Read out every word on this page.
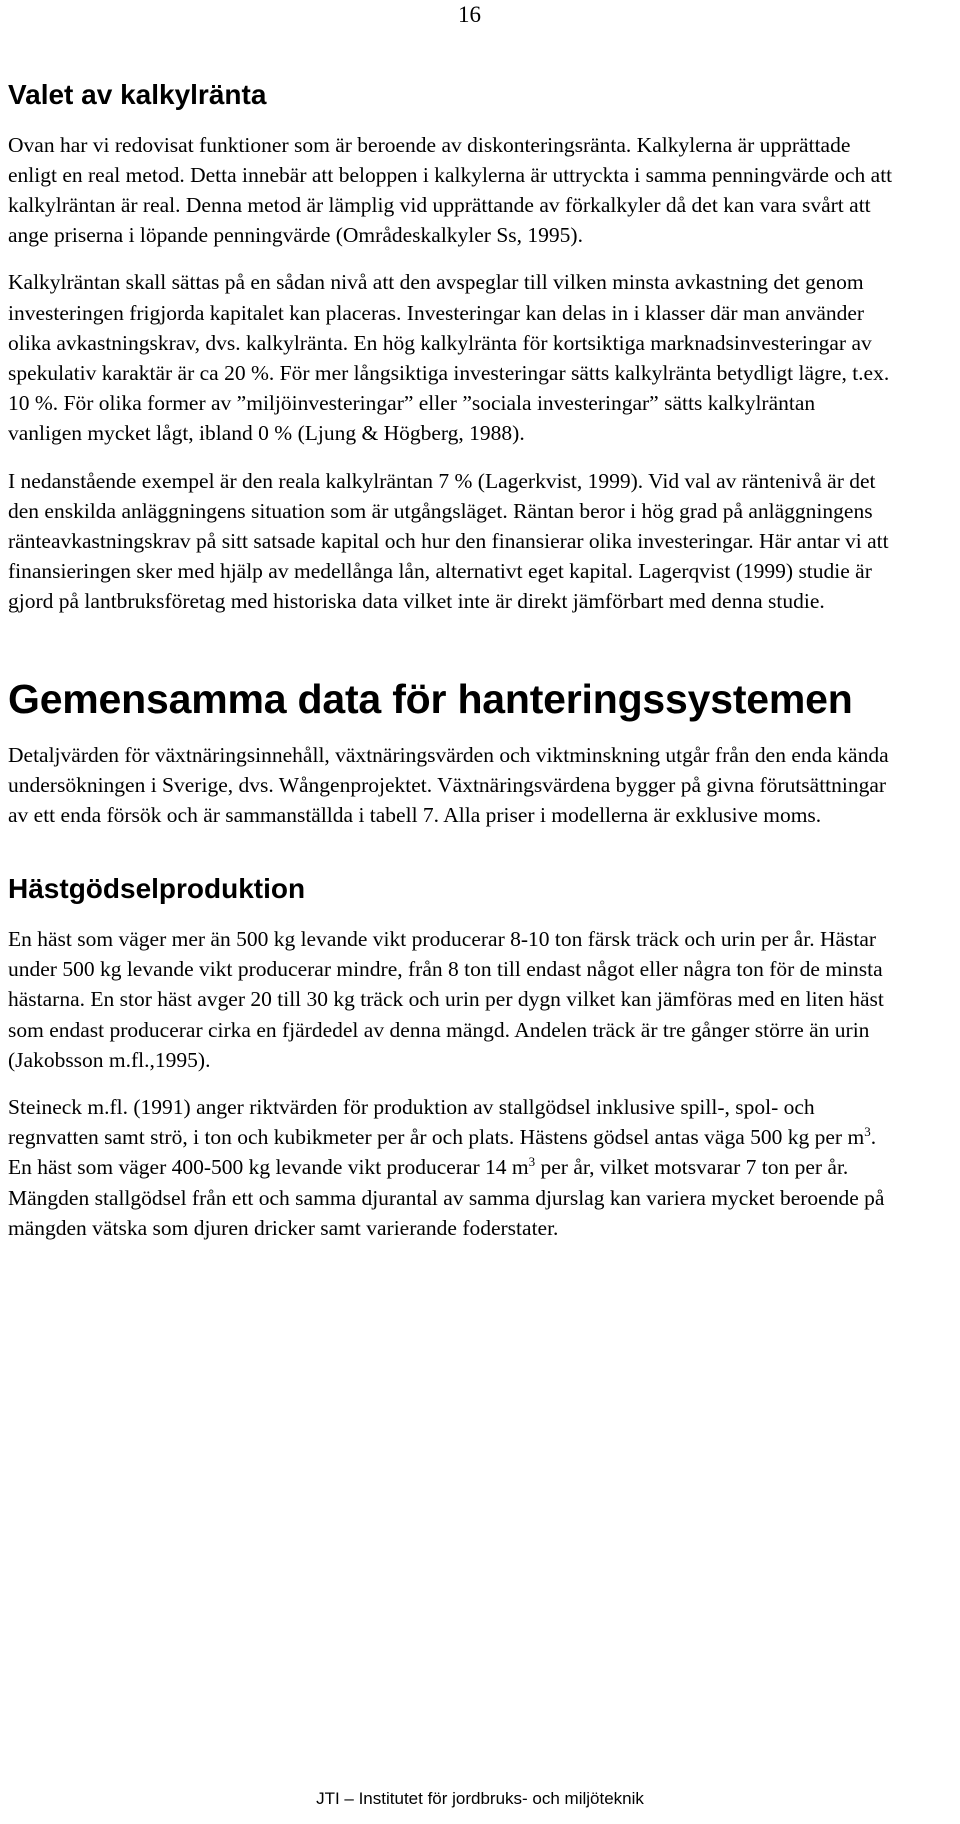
16
Valet av kalkylränta

Ovan har vi redovisat funktioner som är beroende av diskonteringsränta. Kalkylerna är upprättade enligt en real metod. Detta innebär att beloppen i kalkylerna är uttryckta i samma penningvärde och att kalkylräntan är real. Denna metod är lämplig vid upprättande av förkalkyler då det kan vara svårt att ange priserna i löpande penningvärde (Områdeskalkyler Ss, 1995).

Kalkylräntan skall sättas på en sådan nivå att den avspeglar till vilken minsta avkastning det genom investeringen frigjorda kapitalet kan placeras. Investeringar kan delas in i klasser där man använder olika avkastningskrav, dvs. kalkylränta. En hög kalkylränta för kortsiktiga marknadsinvesteringar av spekulativ karaktär är ca 20 %. För mer långsiktiga investeringar sätts kalkylränta betydligt lägre, t.ex. 10 %. För olika former av ”miljöinvesteringar” eller ”sociala investeringar” sätts kalkylräntan vanligen mycket lågt, ibland 0 % (Ljung & Högberg, 1988).

I nedanstående exempel är den reala kalkylräntan 7 % (Lagerkvist, 1999). Vid val av räntenivå är det den enskilda anläggningens situation som är utgångsläget. Räntan beror i hög grad på anläggningens ränteavkastningskrav på sitt satsade kapital och hur den finansierar olika investeringar. Här antar vi att finansieringen sker med hjälp av medellånga lån, alternativt eget kapital. Lagerqvist (1999) studie är gjord på lantbruksföretag med historiska data vilket inte är direkt jämförbart med denna studie.

Gemensamma data för hanteringssystemen

Detaljvärden för växtnäringsinnehåll, växtnäringsvärden och viktminskning utgår från den enda kända undersökningen i Sverige, dvs. Wångenprojektet. Växtnäringsvärdena bygger på givna förutsättningar av ett enda försök och är sammanställda i tabell 7. Alla priser i modellerna är exklusive moms.

Hästgödselproduktion

En häst som väger mer än 500 kg levande vikt producerar 8-10 ton färsk träck och urin per år. Hästar under 500 kg levande vikt producerar mindre, från 8 ton till endast något eller några ton för de minsta hästarna. En stor häst avger 20 till 30 kg träck och urin per dygn vilket kan jämföras med en liten häst som endast producerar cirka en fjärdedel av denna mängd. Andelen träck är tre gånger större än urin (Jakobsson m.fl.,1995).

Steineck m.fl. (1991) anger riktvärden för produktion av stallgödsel inklusive spill-, spol- och regnvatten samt strö, i ton och kubikmeter per år och plats. Hästens gödsel antas väga 500 kg per $m^3$. En häst som väger 400-500 kg levande vikt producerar 14 $m^3$ per år, vilket motsvarar 7 ton per år. Mängden stallgödsel från ett och samma djurantal av samma djurslag kan variera mycket beroende på mängden vätska som djuren dricker samt varierande foderstater.

JTI – Institutet för jordbruks- och miljöteknik
